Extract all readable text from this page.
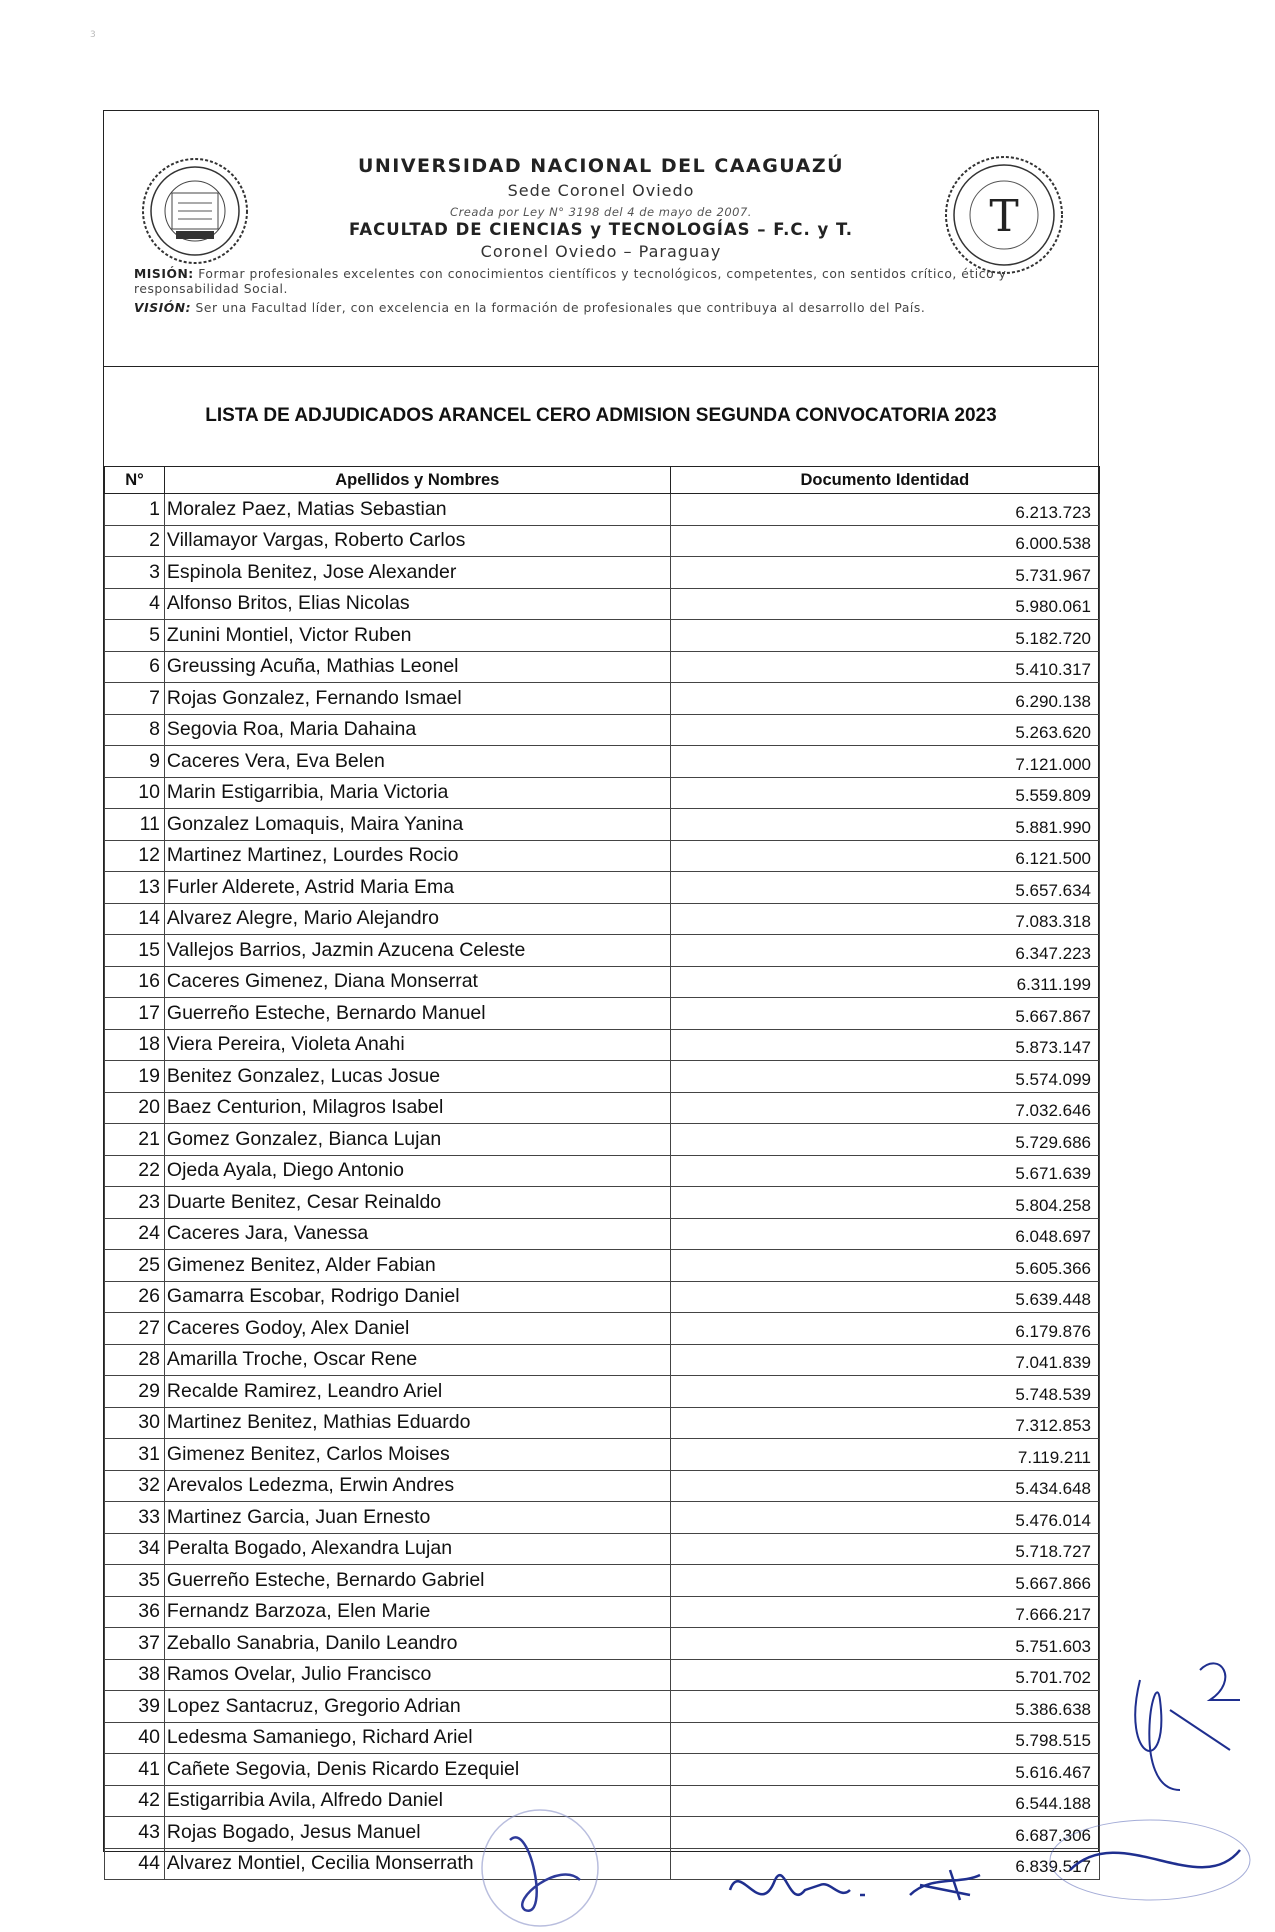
3
UNIVERSIDAD NACIONAL DEL CAAGUAZÚ
Sede Coronel Oviedo
Creada por Ley N° 3198 del 4 de mayo de 2007.
FACULTAD DE CIENCIAS y TECNOLOGÍAS – F.C. y T.
Coronel Oviedo – Paraguay
T
MISIÓN: Formar profesionales excelentes con conocimientos científicos y tecnológicos, competentes, con sentidos crítico, ético y responsabilidad Social.
VISIÓN: Ser una Facultad líder, con excelencia en la formación de profesionales que contribuya al desarrollo del País.
LISTA DE ADJUDICADOS ARANCEL CERO ADMISION SEGUNDA CONVOCATORIA 2023
N°	Apellidos y Nombres	Documento Identidad
1	Moralez Paez, Matias Sebastian	6.213.723
2	Villamayor Vargas, Roberto Carlos	6.000.538
3	Espinola Benitez, Jose Alexander	5.731.967
4	Alfonso Britos, Elias Nicolas	5.980.061
5	Zunini Montiel, Victor Ruben	5.182.720
6	Greussing Acuña, Mathias Leonel	5.410.317
7	Rojas Gonzalez, Fernando Ismael	6.290.138
8	Segovia Roa, Maria Dahaina	5.263.620
9	Caceres Vera, Eva Belen	7.121.000
10	Marin Estigarribia, Maria Victoria	5.559.809
11	Gonzalez Lomaquis, Maira Yanina	5.881.990
12	Martinez Martinez, Lourdes Rocio	6.121.500
13	Furler Alderete, Astrid Maria Ema	5.657.634
14	Alvarez Alegre, Mario Alejandro	7.083.318
15	Vallejos Barrios, Jazmin Azucena Celeste	6.347.223
16	Caceres Gimenez, Diana Monserrat	6.311.199
17	Guerreño Esteche, Bernardo Manuel	5.667.867
18	Viera Pereira, Violeta Anahi	5.873.147
19	Benitez Gonzalez, Lucas Josue	5.574.099
20	Baez Centurion, Milagros Isabel	7.032.646
21	Gomez Gonzalez, Bianca Lujan	5.729.686
22	Ojeda Ayala, Diego Antonio	5.671.639
23	Duarte Benitez, Cesar Reinaldo	5.804.258
24	Caceres Jara, Vanessa	6.048.697
25	Gimenez Benitez, Alder Fabian	5.605.366
26	Gamarra Escobar, Rodrigo Daniel	5.639.448
27	Caceres Godoy, Alex Daniel	6.179.876
28	Amarilla Troche, Oscar Rene	7.041.839
29	Recalde Ramirez, Leandro Ariel	5.748.539
30	Martinez Benitez, Mathias Eduardo	7.312.853
31	Gimenez Benitez, Carlos Moises	7.119.211
32	Arevalos Ledezma, Erwin Andres	5.434.648
33	Martinez Garcia, Juan Ernesto	5.476.014
34	Peralta Bogado, Alexandra Lujan	5.718.727
35	Guerreño Esteche, Bernardo Gabriel	5.667.866
36	Fernandz Barzoza, Elen Marie	7.666.217
37	Zeballo Sanabria, Danilo Leandro	5.751.603
38	Ramos Ovelar, Julio Francisco	5.701.702
39	Lopez Santacruz, Gregorio Adrian	5.386.638
40	Ledesma Samaniego, Richard Ariel	5.798.515
41	Cañete Segovia, Denis Ricardo Ezequiel	5.616.467
42	Estigarribia Avila, Alfredo Daniel	6.544.188
43	Rojas Bogado, Jesus Manuel	6.687.306
44	Alvarez Montiel, Cecilia Monserrath	6.839.517
